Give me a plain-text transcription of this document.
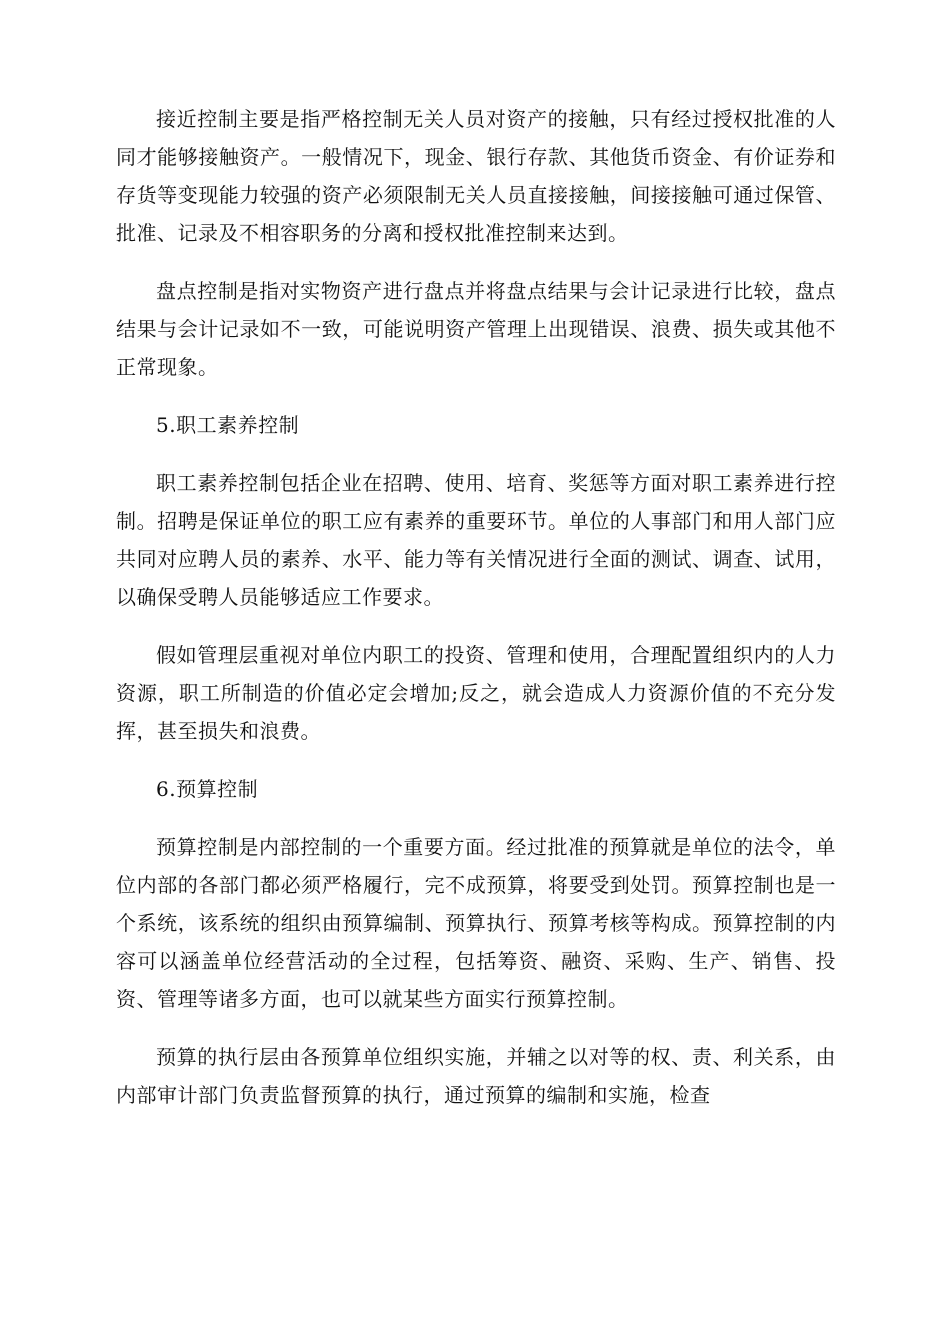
接近控制主要是指严格控制无关人员对资产的接触，只有经过授权批准的人同才能够接触资产。一般情况下，现金、银行存款、其他货币资金、有价证券和存货等变现能力较强的资产必须限制无关人员直接接触，间接接触可通过保管、批准、记录及不相容职务的分离和授权批准控制来达到。

盘点控制是指对实物资产进行盘点并将盘点结果与会计记录进行比较，盘点结果与会计记录如不一致，可能说明资产管理上出现错误、浪费、损失或其他不正常现象。

5.职工素养控制

职工素养控制包括企业在招聘、使用、培育、奖惩等方面对职工素养进行控制。招聘是保证单位的职工应有素养的重要环节。单位的人事部门和用人部门应共同对应聘人员的素养、水平、能力等有关情况进行全面的测试、调查、试用，以确保受聘人员能够适应工作要求。

假如管理层重视对单位内职工的投资、管理和使用，合理配置组织内的人力资源，职工所制造的价值必定会增加;反之，就会造成人力资源价值的不充分发挥，甚至损失和浪费。

6.预算控制

预算控制是内部控制的一个重要方面。经过批准的预算就是单位的法令，单位内部的各部门都必须严格履行，完不成预算，将要受到处罚。预算控制也是一个系统，该系统的组织由预算编制、预算执行、预算考核等构成。预算控制的内容可以涵盖单位经营活动的全过程，包括筹资、融资、采购、生产、销售、投资、管理等诸多方面，也可以就某些方面实行预算控制。

预算的执行层由各预算单位组织实施，并辅之以对等的权、责、利关系，由内部审计部门负责监督预算的执行，通过预算的编制和实施，检查
